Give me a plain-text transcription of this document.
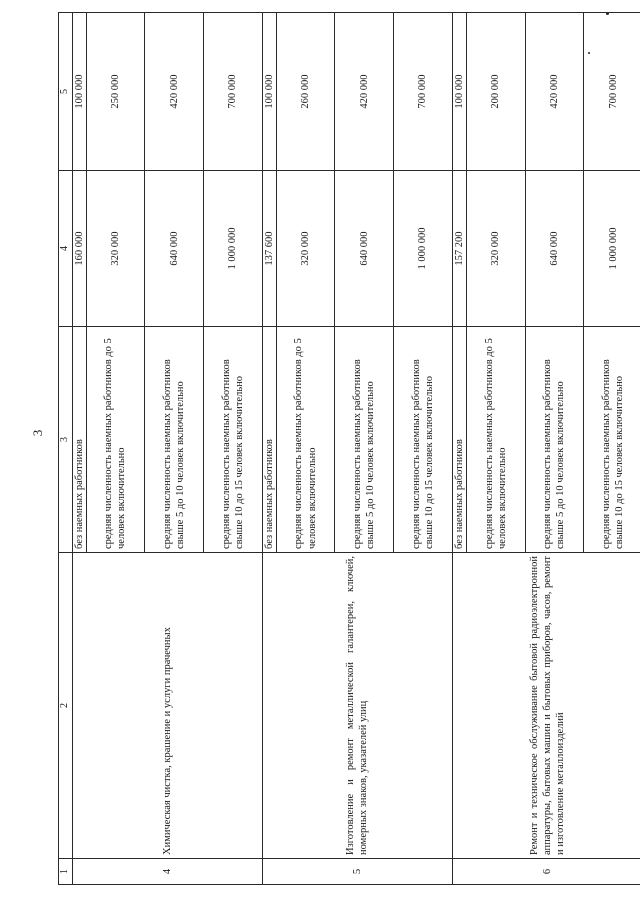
3
1	2	3	4	5
4	Химическая чистка, крашение и услуги прачечных	без наемных работников	160 000	100 000
		средняя численность наемных работников до 5 человек включительно	320 000	250 000
		средняя численность наемных работников свыше 5 до 10 человек включительно	640 000	420 000
		средняя численность наемных работников свыше 10 до 15 человек включительно	1 000 000	700 000
5	Изготовление и ремонт металлической галантереи, ключей, номерных знаков, указателей улиц	без наемных работников	137 600	100 000
		средняя численность наемных работников до 5 человек включительно	320 000	260 000
		средняя численность наемных работников свыше 5 до 10 человек включительно	640 000	420 000
		средняя численность наемных работников свыше 10 до 15 человек включительно	1 000 000	700 000
6	Ремонт и техническое обслуживание бытовой радиоэлектронной аппаратуры, бытовых машин и бытовых приборов, часов, ремонт и изготовление металлоизделий	без наемных работников	157 200	100 000
		средняя численность наемных работников до 5 человек включительно	320 000	200 000
		средняя численность наемных работников свыше 5 до 10 человек включительно	640 000	420 000
		средняя численность наемных работников свыше 10 до 15 человек включительно	1 000 000	700 000
